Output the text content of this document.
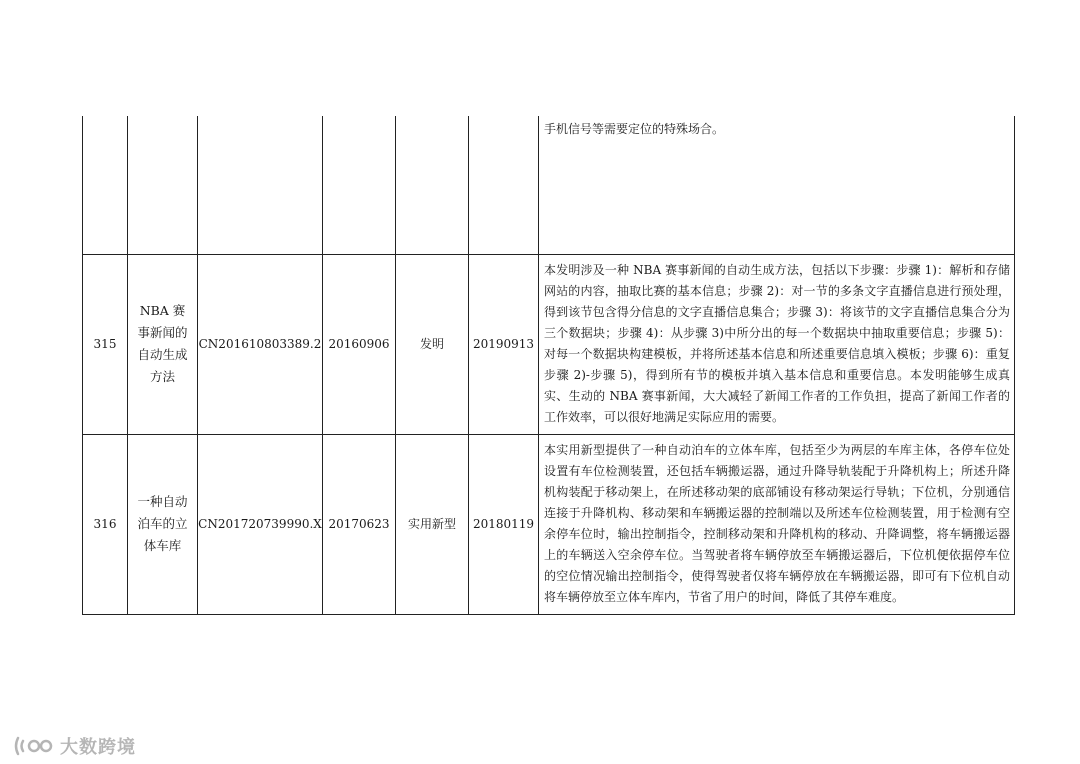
						手机信号等需要定位的特殊场合。
315	NBA 赛事新闻的自动生成方法	CN201610803389.2	20160906	发明	20190913	本发明涉及一种 NBA 赛事新闻的自动生成方法，包括以下步骤：步骤 1)：解析和存储网站的内容，抽取比赛的基本信息；步骤 2)：对一节的多条文字直播信息进行预处理，得到该节包含得分信息的文字直播信息集合；步骤 3)：将该节的文字直播信息集合分为三个数据块；步骤 4)：从步骤 3)中所分出的每一个数据块中抽取重要信息；步骤 5)：对每一个数据块构建模板，并将所述基本信息和所述重要信息填入模板；步骤 6)：重复步骤 2)-步骤 5)，得到所有节的模板并填入基本信息和重要信息。本发明能够生成真实、生动的 NBA 赛事新闻，大大减轻了新闻工作者的工作负担，提高了新闻工作者的工作效率，可以很好地满足实际应用的需要。
316	一种自动泊车的立体车库	CN201720739990.X	20170623	实用新型	20180119	本实用新型提供了一种自动泊车的立体车库，包括至少为两层的车库主体，各停车位处设置有车位检测装置，还包括车辆搬运器，通过升降导轨装配于升降机构上；所述升降机构装配于移动架上，在所述移动架的底部铺设有移动架运行导轨；下位机，分别通信连接于升降机构、移动架和车辆搬运器的控制端以及所述车位检测装置，用于检测有空余停车位时，输出控制指令，控制移动架和升降机构的移动、升降调整，将车辆搬运器上的车辆送入空余停车位。当驾驶者将车辆停放至车辆搬运器后，下位机便依据停车位的空位情况输出控制指令，使得驾驶者仅将车辆停放在车辆搬运器，即可有下位机自动将车辆停放至立体车库内，节省了用户的时间，降低了其停车难度。
大数跨境
